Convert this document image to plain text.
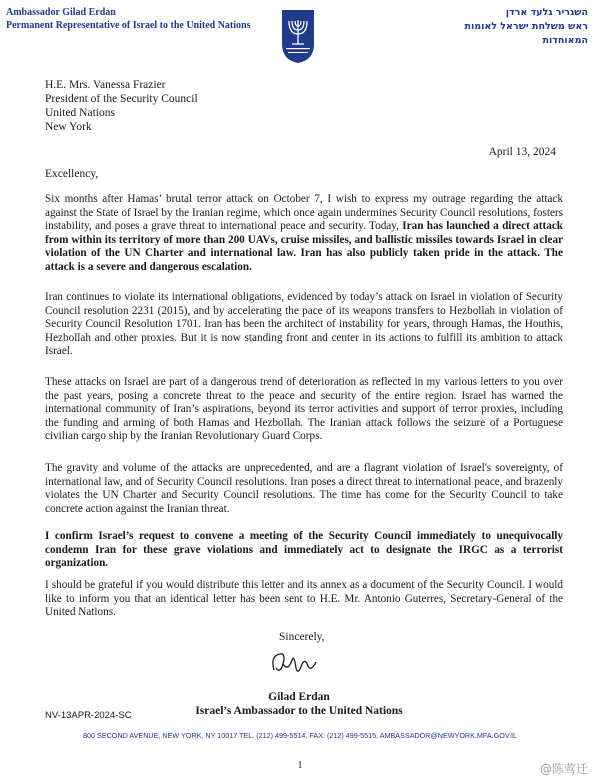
Ambassador Gilad Erdan
Permanent Representative of Israel to the United Nations
השגריר גלעד ארדן
ראש משלחת ישראל לאומות
המאוחדות
H.E. Mrs. Vanessa Frazier
President of the Security Council
United Nations
New York
April 13, 2024
Excellency,
Six months after Hamas’ brutal terror attack on October 7, I wish to express my outrage regarding the attack against the State of Israel by the Iranian regime, which once again undermines Security Council resolutions, fosters instability, and poses a grave threat to international peace and security. Today, Iran has launched a direct attack from within its territory of more than 200 UAVs, cruise missiles, and ballistic missiles towards Israel in clear violation of the UN Charter and international law. Iran has also publicly taken pride in the attack. The attack is a severe and dangerous escalation.
Iran continues to violate its international obligations, evidenced by today’s attack on Israel in violation of Security Council resolution 2231 (2015), and by accelerating the pace of its weapons transfers to Hezbollah in violation of Security Council Resolution 1701. Iran has been the architect of instability for years, through Hamas, the Houthis, Hezbollah and other proxies. But it is now standing front and center in its actions to fulfill its ambition to attack Israel.
These attacks on Israel are part of a dangerous trend of deterioration as reflected in my various letters to you over the past years, posing a concrete threat to the peace and security of the entire region. Israel has warned the international community of Iran’s aspirations, beyond its terror activities and support of terror proxies, including the funding and arming of both Hamas and Hezbollah. The Iranian attack follows the seizure of a Portuguese civilian cargo ship by the Iranian Revolutionary Guard Corps.
The gravity and volume of the attacks are unprecedented, and are a flagrant violation of Israel's sovereignty, of international law, and of Security Council resolutions. Iran poses a direct threat to international peace, and brazenly violates the UN Charter and Security Council resolutions. The time has come for the Security Council to take concrete action against the Iranian threat.
I confirm Israel’s request to convene a meeting of the Security Council immediately to unequivocally condemn Iran for these grave violations and immediately act to designate the IRGC as a terrorist organization.
I should be grateful if you would distribute this letter and its annex as a document of the Security Council. I would like to inform you that an identical letter has been sent to H.E. Mr. Antonio Guterres, Secretary-General of the United Nations.
Sincerely,
Gilad Erdan
Israel’s Ambassador to the United Nations
NV-13APR-2024-SC
800 SECOND AVENUE, NEW YORK, NY 10017 TEL. (212) 499-5514, FAX: (212) 499-5515, AMBASSADOR@NEWYORK.MFA.GOV.IL
1	@陈莺迁
